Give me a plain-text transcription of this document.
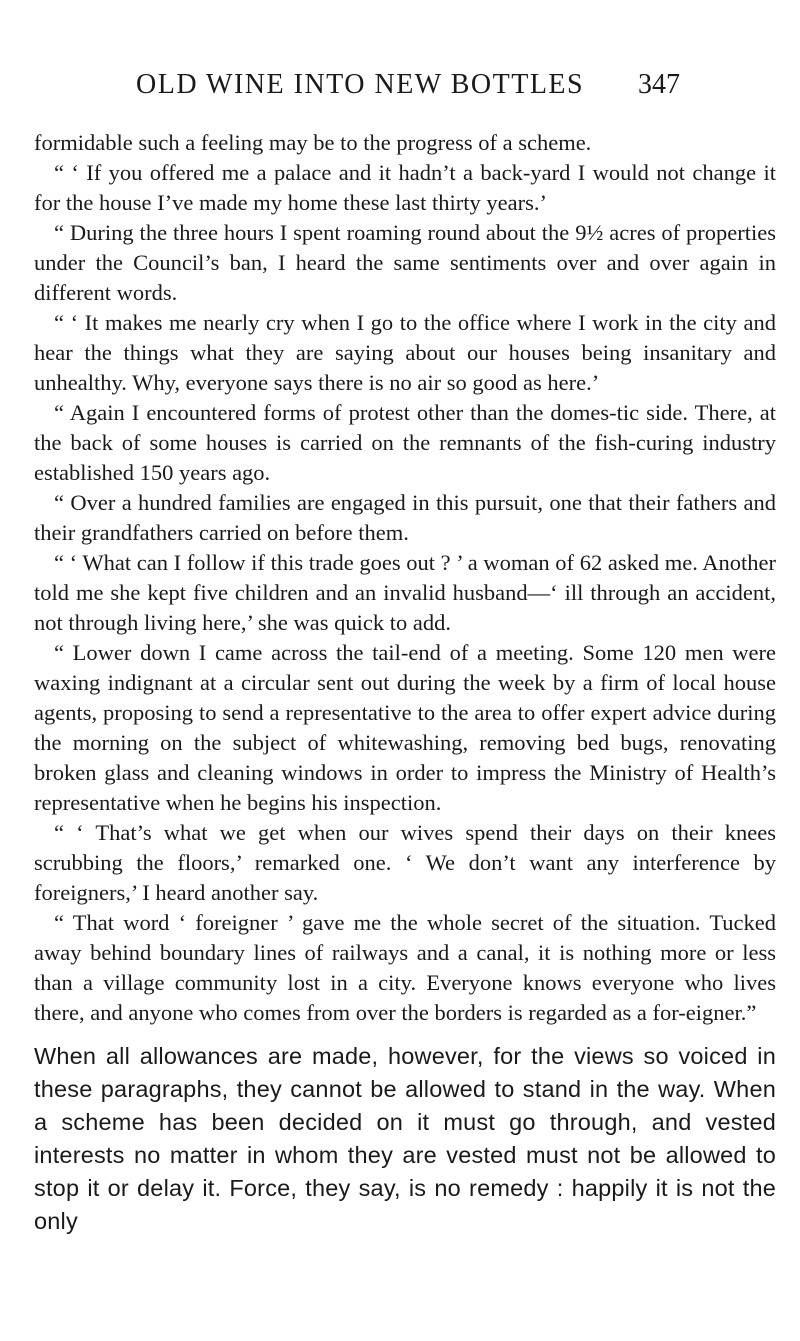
OLD WINE INTO NEW BOTTLES 347

formidable such a feeling may be to the progress of a scheme.

“ ‘ If you offered me a palace and it hadn’t a back-yard I would not change it for the house I’ve made my home these last thirty years.’

“ During the three hours I spent roaming round about the 9½ acres of properties under the Council’s ban, I heard the same sentiments over and over again in different words.

“ ‘ It makes me nearly cry when I go to the office where I work in the city and hear the things what they are saying about our houses being insanitary and unhealthy. Why, everyone says there is no air so good as here.’

“ Again I encountered forms of protest other than the domes-tic side. There, at the back of some houses is carried on the remnants of the fish-curing industry established 150 years ago.

“ Over a hundred families are engaged in this pursuit, one that their fathers and their grandfathers carried on before them.

“ ‘ What can I follow if this trade goes out ? ’ a woman of 62 asked me. Another told me she kept five children and an invalid husband—‘ ill through an accident, not through living here,’ she was quick to add.

“ Lower down I came across the tail-end of a meeting. Some 120 men were waxing indignant at a circular sent out during the week by a firm of local house agents, proposing to send a representative to the area to offer expert advice during the morning on the subject of whitewashing, removing bed bugs, renovating broken glass and cleaning windows in order to impress the Ministry of Health’s representative when he begins his inspection.

“ ‘ That’s what we get when our wives spend their days on their knees scrubbing the floors,’ remarked one. ‘ We don’t want any interference by foreigners,’ I heard another say.

“ That word ‘ foreigner ’ gave me the whole secret of the situation. Tucked away behind boundary lines of railways and a canal, it is nothing more or less than a village community lost in a city. Everyone knows everyone who lives there, and anyone who comes from over the borders is regarded as a for-eigner.”

When all allowances are made, however, for the views so voiced in these paragraphs, they cannot be allowed to stand in the way. When a scheme has been decided on it must go through, and vested interests no matter in whom they are vested must not be allowed to stop it or delay it. Force, they say, is no remedy : happily it is not the only
